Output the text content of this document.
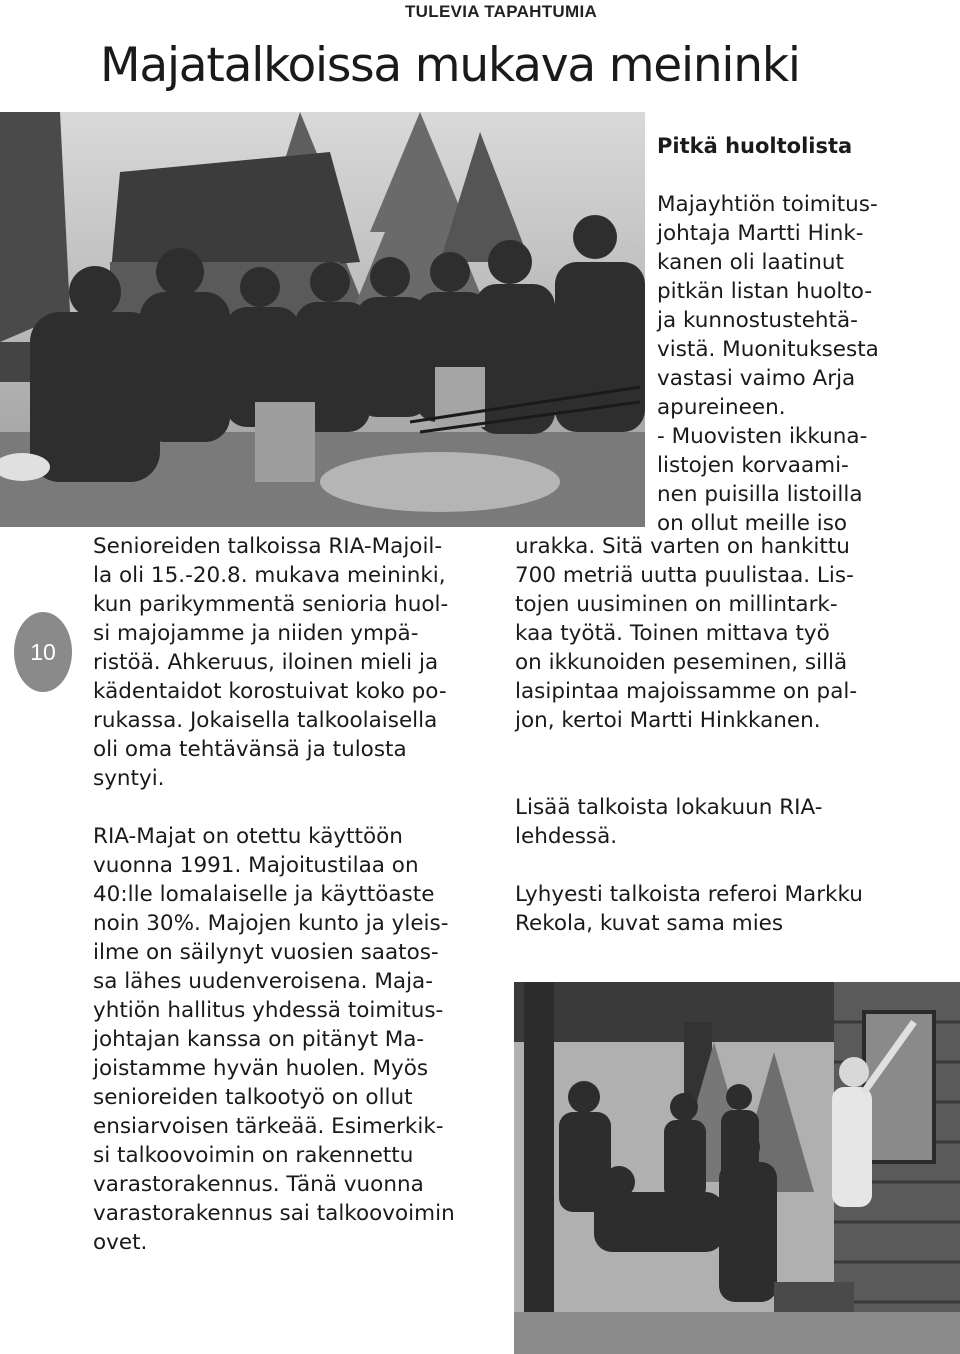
TULEVIA TAPAHTUMIA
Majatalkoissa mukava meininki
Pitkä huoltolista

Majayhtiön toimitus-
johtaja Martti Hink-
kanen oli laatinut
pitkän listan huolto-
ja kunnostustehtä-
vistä. Muonituksesta
vastasi vaimo Arja
apureineen.
- Muovisten ikkuna-
listojen korvaami-
nen puisilla listoilla
on ollut meille iso

10

Senioreiden talkoissa RIA-Majoil-
la oli 15.-20.8. mukava meininki,
kun parikymmentä senioria huol-
si majojamme ja niiden ympä-
ristöä. Ahkeruus, iloinen mieli ja
kädentaidot korostuivat koko po-
rukassa. Jokaisella talkoolaisella
oli oma tehtävänsä ja tulosta
syntyi.

RIA-Majat on otettu käyttöön
vuonna 1991. Majoitustilaa on
40:lle lomalaiselle ja käyttöaste
noin 30%. Majojen kunto ja yleis-
ilme on säilynyt vuosien saatos-
sa lähes uudenveroisena. Maja-
yhtiön hallitus yhdessä toimitus-
johtajan kanssa on pitänyt Ma-
joistamme hyvän huolen. Myös
senioreiden talkootyö on ollut
ensiarvoisen tärkeää. Esimerkik-
si talkoovoimin on rakennettu
varastorakennus. Tänä vuonna
varastorakennus sai talkoovoimin
ovet.

urakka. Sitä varten on hankittu
700 metriä uutta puulistaa. Lis-
tojen uusiminen on millintark-
kaa työtä. Toinen mittava työ
on ikkunoiden peseminen, sillä
lasipintaa majoissamme on pal-
jon, kertoi Martti Hinkkanen.

Lisää talkoista lokakuun RIA-
lehdessä.

Lyhyesti talkoista referoi Markku
Rekola, kuvat sama mies
